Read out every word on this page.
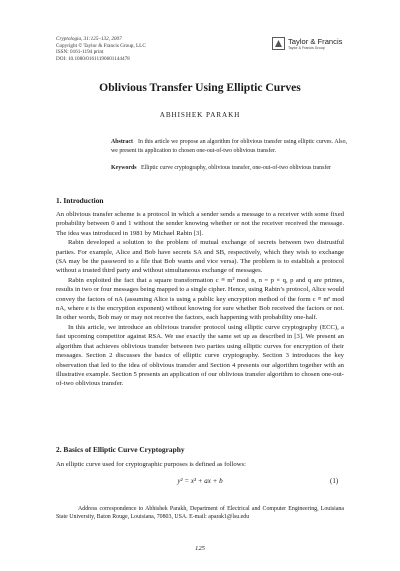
Cryptologia, 31:125–132, 2007
Copyright © Taylor & Francis Group, LLC
ISSN: 0161-1194 print
DOI: 10.1080/01611190601144478
Taylor & Francis
Taylor & Francis Group
Oblivious Transfer Using Elliptic Curves
ABHISHEK PARAKH
Abstract In this article we propose an algorithm for oblivious transfer using elliptic curves. Also, we present its application to chosen one-out-of-two oblivious transfer.
Keywords Elliptic curve cryptography, oblivious transfer, one-out-of-two oblivious transfer
1. Introduction

An oblivious transfer scheme is a protocol in which a sender sends a message to a receiver with some fixed probability between 0 and 1 without the sender knowing whether or not the receiver received the message. The idea was introduced in 1981 by Michael Rabin [3].

Rabin developed a solution to the problem of mutual exchange of secrets between two distrustful parties. For example, Alice and Bob have secrets SA and SB, respectively, which they wish to exchange (SA may be the password to a file that Bob wants and vice versa). The problem is to establish a protocol without a trusted third party and without simultaneous exchange of messages.

Rabin exploited the fact that a square transformation c ≡ m² mod n, n = p × q, p and q are primes, results in two or four messages being mapped to a single cipher. Hence, using Rabin’s protocol, Alice would convey the factors of nA (assuming Alice is using a public key encryption method of the form c ≡ mᵉ mod nA, where e is the encryption exponent) without knowing for sure whether Bob received the factors or not. In other words, Bob may or may not receive the factors, each happening with probability one-half.

In this article, we introduce an oblivious transfer protocol using elliptic curve cryptography (ECC), a fast upcoming competitor against RSA. We use exactly the same set up as described in [3]. We present an algorithm that achieves oblivious transfer between two parties using elliptic curves for encryption of their messages. Section 2 discusses the basics of elliptic curve cryptography. Section 3 introduces the key observation that led to the idea of oblivious transfer and Section 4 presents our algorithm together with an illustrative example. Section 5 presents an application of our oblivious transfer algorithm to chosen one-out-of-two oblivious transfer.

2. Basics of Elliptic Curve Cryptography

An elliptic curve used for cryptographic purposes is defined as follows:

y² = x³ + ax + b	(1)

Address correspondence to Abhishek Parakh, Department of Electrical and Computer Engineering, Louisiana State University, Baton Rouge, Louisiana, 70803, USA. E-mail: aparak1@lsu.edu

125
